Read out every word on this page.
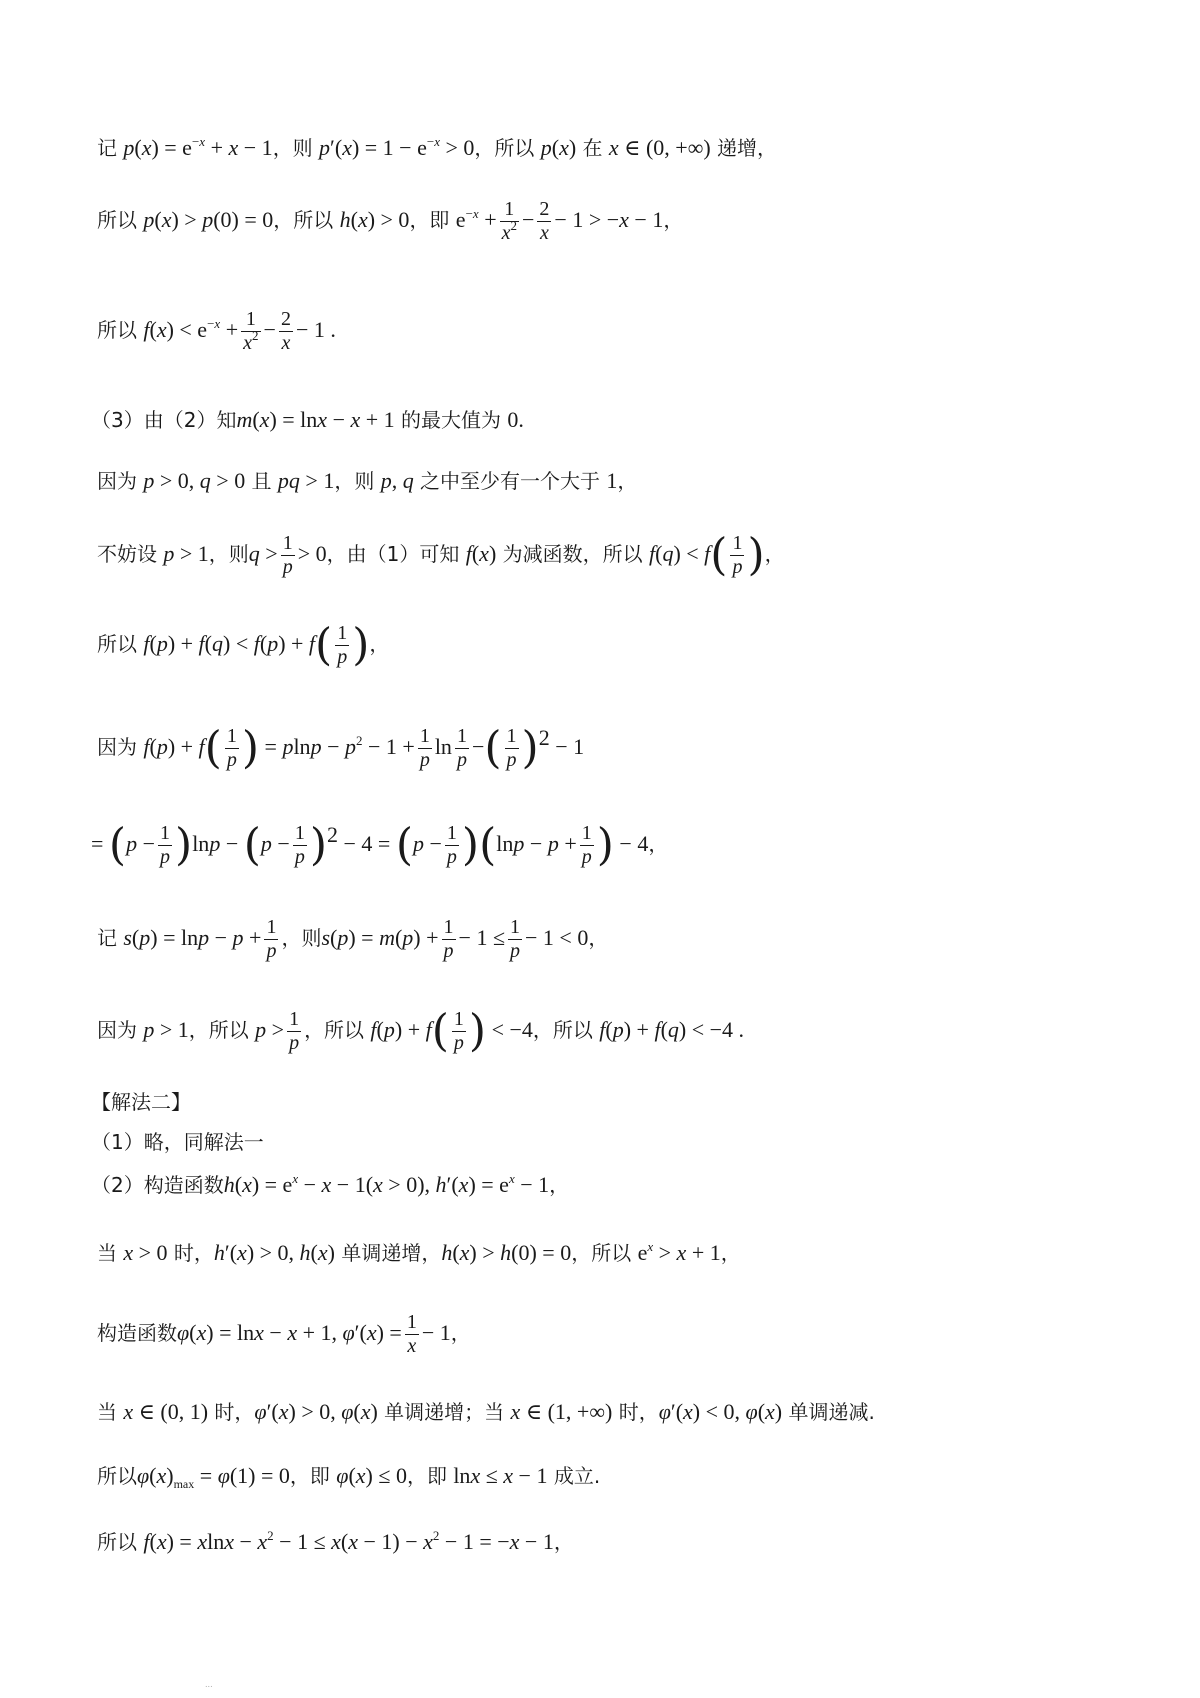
记 $p(x) = e^{-x} + x - 1$，则 $p'(x) = 1 - e^{-x} > 0$，所以 p(x) 在 x ∈ (0, +∞) 递增，
所以 p(x) > p(0) = 0，所以 h(x) > 0，即 $e^{-x} + \frac{1}{x^2} - \frac{2}{x} - 1 > -x - 1$，
所以 $f(x) < e^{-x} + \frac{1}{x^2} - \frac{2}{x} - 1$ .
（3）由（2）知m(x) = lnx − x + 1 的最大值为 0.
因为 p > 0, q > 0 且 pq > 1，则 p, q 之中至少有一个大于 1，
不妨设 p > 1，则$q > \frac{1}{p} > 0$，由（1）可知 f(x) 为减函数，所以 $f(q) < f( \frac{1}{p}$ )，
所以 $f(p) + f(q) < f(p) + f( \frac{1}{p}$ )，
因为 $f(p) + f( \frac{1}{p}$ ) = $plnp - p^2 - 1 + \frac{1}{p}$ $\ln \frac{1}{p}$ −( $\frac{1}{p} )^2 - 1$
= $(p - \frac{1}{p} )\ln p - (p - \frac{1}{p} )^2 - 4 = (p - \frac{1}{p} )(\ln p - p + \frac{1}{p}$ ) − 4，
记 $s(p) = \ln p - p + \frac{1}{p}$ ，则$s(p) = m(p) + \frac{1}{p} - 1 \le \frac{1}{p} - 1 < 0$，
因为 p > 1，所以 $p > \frac{1}{p}$ ，所以 $f(p) + f( \frac{1}{p}$ ) < −4，所以 f(p) + f(q) < −4 .
【解法二】
（1）略，同解法一
（2）构造函数$h(x) = e^x - x - 1(x > 0)$, $h'(x) = e^x - 1$，
当 x > 0 时，h′(x) > 0, h(x) 单调递增，h(x) > h(0) = 0，所以 $e^x > x + 1$，
构造函数φ(x) = lnx − x + 1, $\varphi'(x) = \frac{1}{x} - 1$，
当 x ∈ (0, 1) 时，φ′(x) > 0, φ(x) 单调递增；当 x ∈ (1, +∞) 时，φ′(x) < 0, φ(x) 单调递减.
所以$\varphi(x)_{max} = \varphi(1) = 0$，即 φ(x) ≤ 0，即 lnx ≤ x − 1 成立.
所以 $f(x) = xlnx - x^2 - 1 \le x(x - 1) - x^2 - 1 = -x - 1$，
...
